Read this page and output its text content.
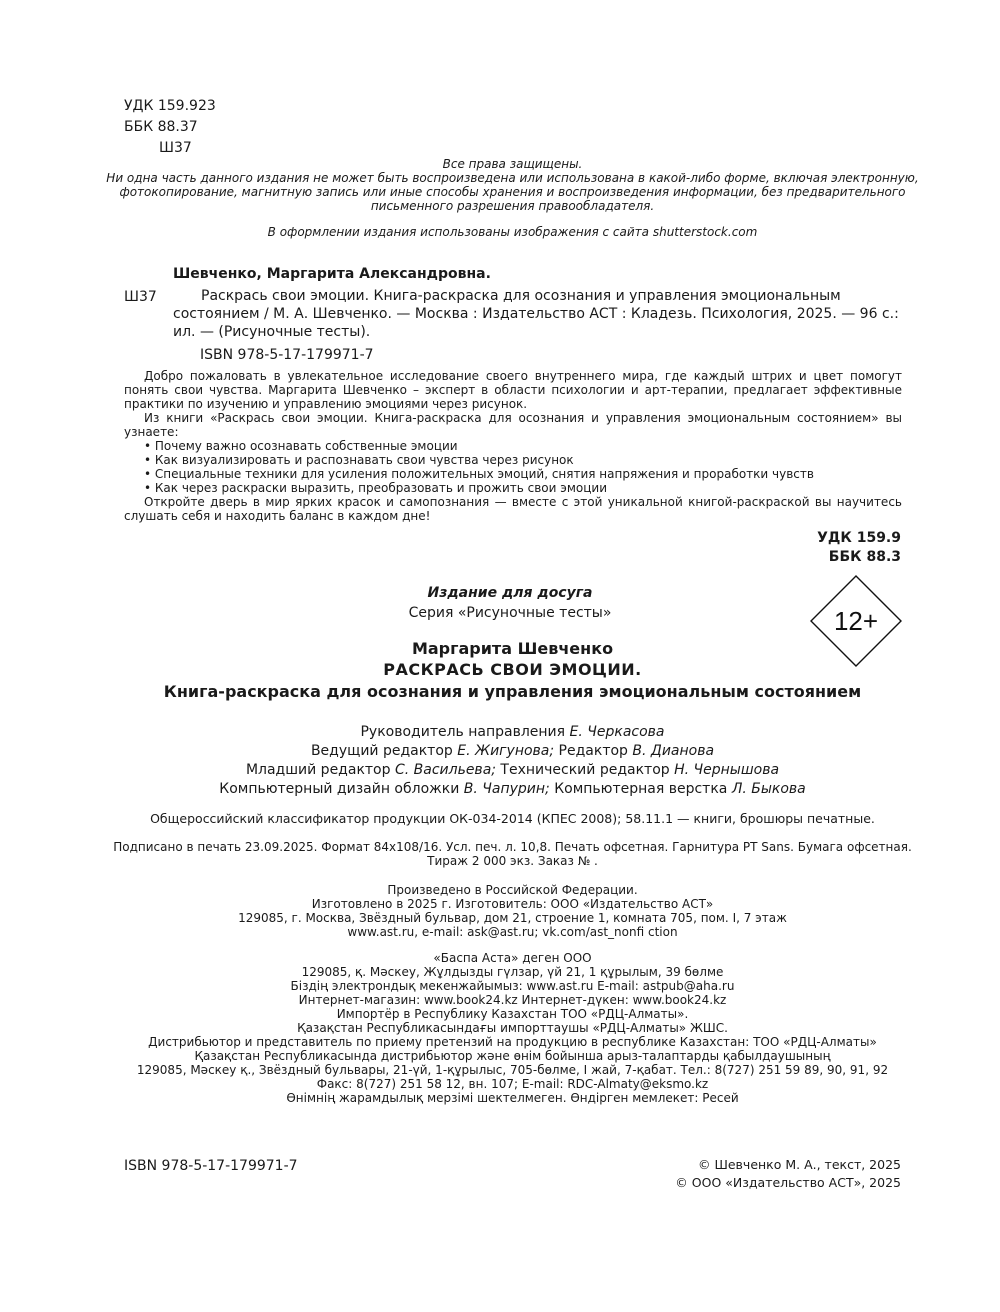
УДК 159.923
ББК 88.37
Ш37
Все права защищены.
Ни одна часть данного издания не может быть воспроизведена или использована в какой-либо форме, включая электронную,
фотокопирование, магнитную запись или иные способы хранения и воспроизведения информации, без предварительного
письменного разрешения правообладателя.
В оформлении издания использованы изображения с сайта shutterstock.com
Шевченко, Маргарита Александровна.
Ш37	Раскрась свои эмоции. Книга-раскраска для осознания и управления эмоциональным
состоянием / М. А. Шевченко. — Москва : Издательство АСТ : Кладезь. Психология, 2025. — 96 с.:
ил. — (Рисуночные тесты).
ISBN 978-5-17-179971-7
Добро пожаловать в увлекательное исследование своего внутреннего мира, где каждый штрих и цвет помогут понять свои чувства. Маргарита Шевченко – эксперт в области психологии и арт-терапии, предлагает эффективные практики по изучению и управлению эмоциями через рисунок.
Из книги «Раскрась свои эмоции. Книга-раскраска для осознания и управления эмоциональным состоянием» вы узнаете:
• Почему важно осознавать собственные эмоции
• Как визуализировать и распознавать свои чувства через рисунок
• Специальные техники для усиления положительных эмоций, снятия напряжения и проработки чувств
• Как через раскраски выразить, преобразовать и прожить свои эмоции
Откройте дверь в мир ярких красок и самопознания — вместе с этой уникальной книгой-раскраской вы научитесь слушать себя и находить баланс в каждом дне!
УДК 159.9
ББК 88.3
Издание для досуга
Серия «Рисуночные тесты»	12+
Маргарита Шевченко
РАСКРАСЬ СВОИ ЭМОЦИИ.
Книга-раскраска для осознания и управления эмоциональным состоянием
Руководитель направления Е. Черкасова
Ведущий редактор Е. Жигунова; Редактор В. Дианова
Младший редактор С. Васильева; Технический редактор Н. Чернышова
Компьютерный дизайн обложки В. Чапурин; Компьютерная верстка Л. Быкова
Общероссийский классификатор продукции ОК-034-2014 (КПЕС 2008); 58.11.1 — книги, брошюры печатные.
Подписано в печать 23.09.2025. Формат 84x108/16. Усл. печ. л. 10,8. Печать офсетная. Гарнитура PT Sans. Бумага офсетная.
Тираж 2 000 экз. Заказ № .
Произведено в Российской Федерации.
Изготовлено в 2025 г. Изготовитель: ООО «Издательство АСТ»
129085, г. Москва, Звёздный бульвар, дом 21, строение 1, комната 705, пом. I, 7 этаж
www.ast.ru, e-mail: ask@ast.ru; vk.com/ast_nonfi ction
«Баспа Аста» деген ООО
129085, қ. Мәскеу, Жұлдызды гүлзар, үй 21, 1 құрылым, 39 бөлме
Біздің электрондық мекенжайымыз: www.ast.ru E-mail: astpub@aha.ru
Интернет-магазин: www.book24.kz Интернет-дүкен: www.book24.kz
Импортёр в Республику Казахстан ТОО «РДЦ-Алматы».
Қазақстан Республикасындағы импорттаушы «РДЦ-Алматы» ЖШС.
Дистрибьютор и представитель по приему претензий на продукцию в республике Казахстан: ТОО «РДЦ-Алматы»
Қазақстан Республикасында дистрибьютор және өнім бойынша арыз-талаптарды қабылдаушының
129085, Мәскеу қ., Звёздный бульвары, 21-үй, 1-құрылыс, 705-бөлме, I жай, 7-қабат. Тел.: 8(727) 251 59 89, 90, 91, 92
Факс: 8(727) 251 58 12, вн. 107; E-mail: RDC-Almaty@eksmo.kz
Өнімнің жарамдылық мерзімі шектелмеген. Өндірген мемлекет: Ресей
ISBN 978-5-17-179971-7	© Шевченко М. А., текст, 2025
© ООО «Издательство АСТ», 2025
